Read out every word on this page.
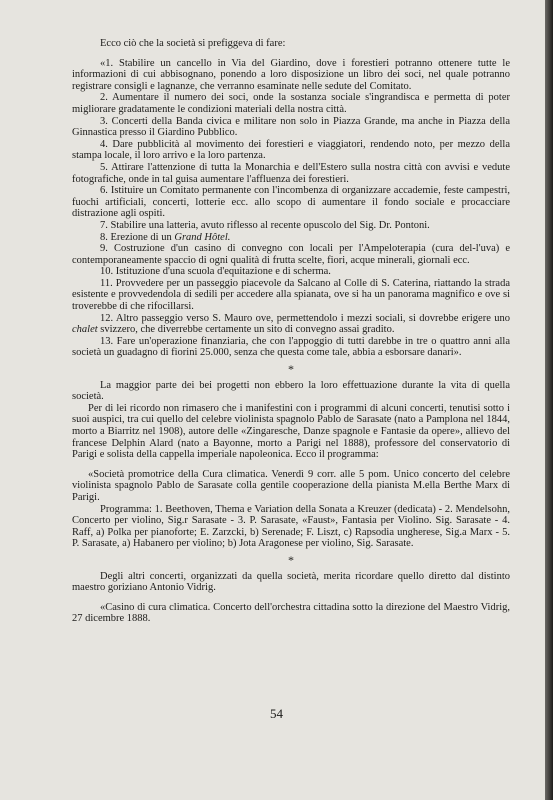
Ecco ciò che la società si prefiggeva di fare:

«1. Stabilire un cancello in Via del Giardino, dove i forestieri potranno ottenere tutte le informazioni di cui abbisognano, ponendo a loro disposizione un libro dei soci, nel quale potranno registrare consigli e lagnanze, che verranno esaminate nelle sedute del Comitato.

2. Aumentare il numero dei soci, onde la sostanza sociale s'ingrandisca e permetta di poter migliorare gradatamente le condizioni materiali della nostra città.

3. Concerti della Banda civica e militare non solo in Piazza Grande, ma anche in Piazza della Ginnastica presso il Giardino Pubblico.

4. Dare pubblicità al movimento dei forestieri e viaggiatori, rendendo noto, per mezzo della stampa locale, il loro arrivo e la loro partenza.

5. Attirare l'attenzione di tutta la Monarchia e dell'Estero sulla nostra città con avvisi e vedute fotografiche, onde in tal guisa aumentare l'affluenza dei forestieri.

6. Istituire un Comitato permanente con l'incombenza di organizzare accademie, feste campestri, fuochi artificiali, concerti, lotterie ecc. allo scopo di aumentare il fondo sociale e procacciare distrazione agli ospiti.

7. Stabilire una latteria, avuto riflesso al recente opuscolo del Sig. Dr. Pontoni.

8. Erezione di un Grand Hôtel.

9. Costruzione d'un casino di convegno con locali per l'Ampeloterapia (cura del-l'uva) e contemporaneamente spaccio di ogni qualità di frutta scelte, fiori, acque minerali, giornali ecc.

10. Istituzione d'una scuola d'equitazione e di scherma.

11. Provvedere per un passeggio piacevole da Salcano al Colle di S. Caterina, riattando la strada esistente e provvedendola di sedili per accedere alla spianata, ove si ha un panorama magnifico e ove si troverebbe di che rifocillarsi.

12. Altro passeggio verso S. Mauro ove, permettendolo i mezzi sociali, si dovrebbe erigere uno chalet svizzero, che diverrebbe certamente un sito di convegno assai gradito.

13. Fare un'operazione finanziaria, che con l'appoggio di tutti darebbe in tre o quattro anni alla società un guadagno di fiorini 25.000, senza che questa come tale, abbia a esborsare danari».

*

La maggior parte dei bei progetti non ebbero la loro effettuazione durante la vita di quella società.

Per di lei ricordo non rimasero che i manifestini con i programmi di alcuni concerti, tenutisi sotto i suoi auspici, tra cui quello del celebre violinista spagnolo Pablo de Sarasate (nato a Pamplona nel 1844, morto a Biarritz nel 1908), autore delle «Zingaresche, Danze spagnole e Fantasie da opere», allievo del francese Delphin Alard (nato a Bayonne, morto a Parigi nel 1888), professore del conservatorio di Parigi e solista della cappella imperiale napoleonica. Ecco il programma:

«Società promotrice della Cura climatica. Venerdì 9 corr. alle 5 pom. Unico concerto del celebre violinista spagnolo Pablo de Sarasate colla gentile cooperazione della pianista M.ella Berthe Marx di Parigi.

Programma: 1. Beethoven, Thema e Variation della Sonata a Kreuzer (dedicata) - 2. Mendelsohn, Concerto per violino, Sig.r Sarasate - 3. P. Sarasate, «Faust», Fantasia per Violino. Sig. Sarasate - 4. Raff, a) Polka per pianoforte; E. Zarzcki, b) Serenade; F. Liszt, c) Rapsodia ungherese, Sig.a Marx - 5. P. Sarasate, a) Habanero per violino; b) Jota Aragonese per violino, Sig. Sarasate.

*

Degli altri concerti, organizzati da quella società, merita ricordare quello diretto dal distinto maestro goriziano Antonio Vidrig.

«Casino di cura climatica. Concerto dell'orchestra cittadina sotto la direzione del Maestro Vidrig, 27 dicembre 1888.

54
